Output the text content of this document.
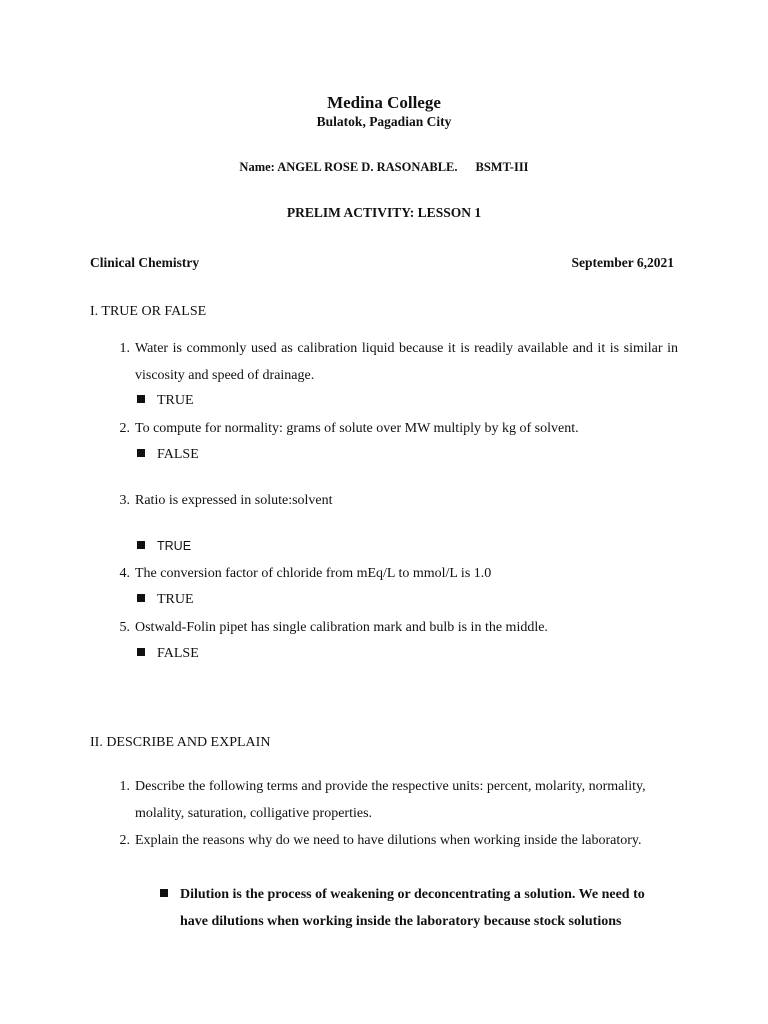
Medina College
Bulatok, Pagadian City
Name: ANGEL ROSE D. RASONABLE. BSMT-III
PRELIM ACTIVITY: LESSON 1
Clinical Chemistry	September 6,2021
I. TRUE OR FALSE
1. Water is commonly used as calibration liquid because it is readily available and it is similar in viscosity and speed of drainage.
TRUE
2. To compute for normality: grams of solute over MW multiply by kg of solvent.
FALSE
3. Ratio is expressed in solute:solvent
TRUE
4. The conversion factor of chloride from mEq/L to mmol/L is 1.0
TRUE
5. Ostwald-Folin pipet has single calibration mark and bulb is in the middle.
FALSE
II. DESCRIBE AND EXPLAIN
1. Describe the following terms and provide the respective units: percent, molarity, normality, molality, saturation, colligative properties.
2. Explain the reasons why do we need to have dilutions when working inside the laboratory.
Dilution is the process of weakening or deconcentrating a solution. We need to have dilutions when working inside the laboratory because stock solutions
